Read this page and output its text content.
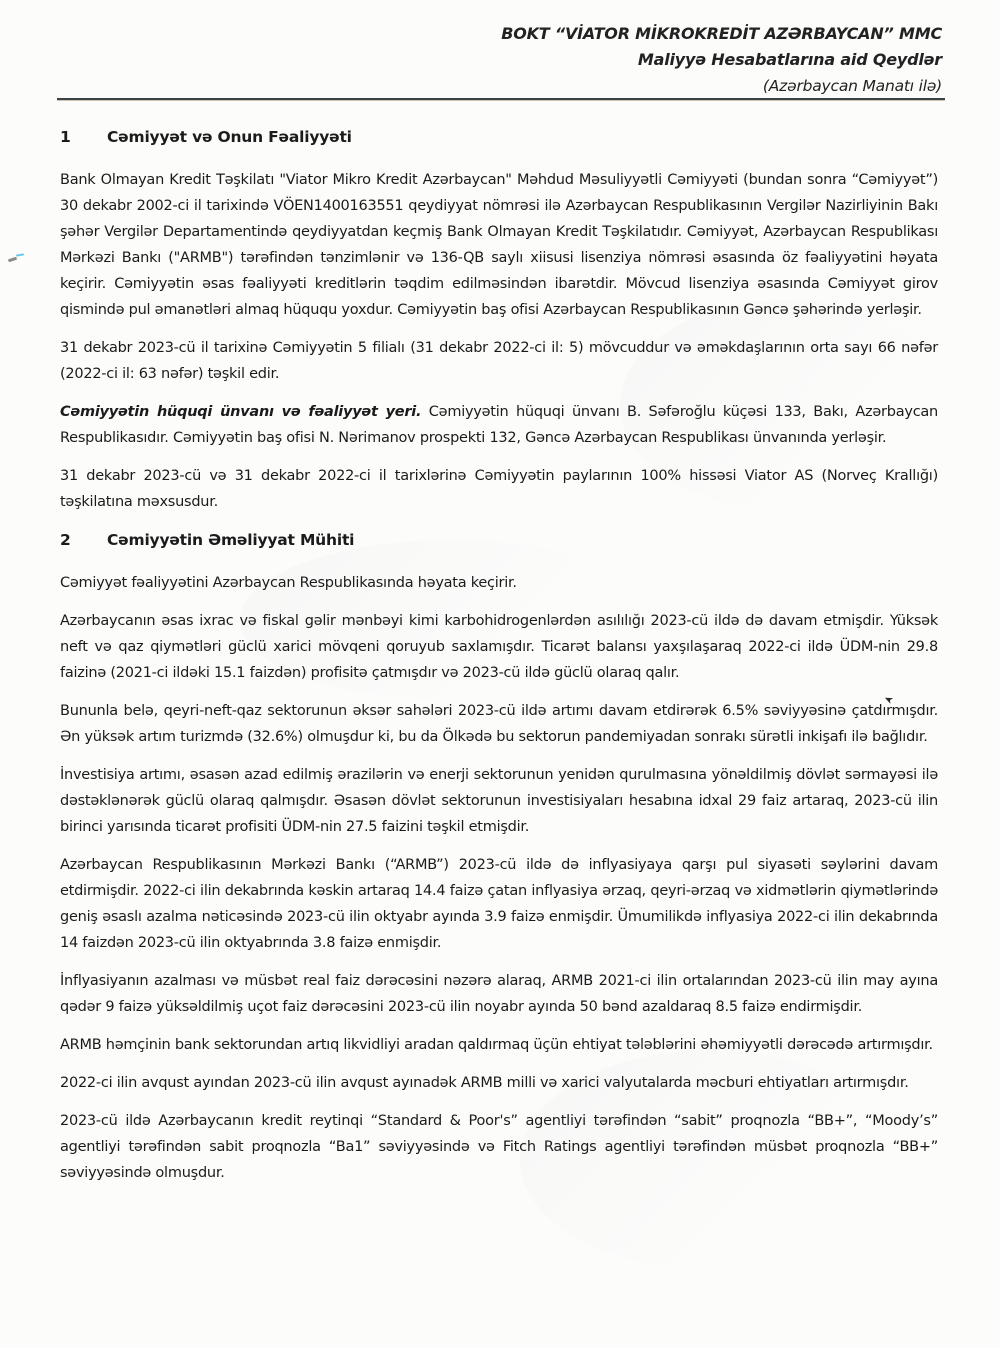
BOKT “VİATOR MİKROKREDİT AZƏRBAYCAN” MMC
Maliyyə Hesabatlarına aid Qeydlər
(Azərbaycan Manatı ilə)
1 Cəmiyyət və Onun Fəaliyyəti

Bank Olmayan Kredit Təşkilatı "Viator Mikro Kredit Azərbaycan" Məhdud Məsuliyyətli Cəmiyyəti (bundan sonra “Cəmiyyət”) 30 dekabr 2002-ci il tarixində VÖEN1400163551 qeydiyyat nömrəsi ilə Azərbaycan Respublikasının Vergilər Nazirliyinin Bakı şəhər Vergilər Departamentində qeydiyyatdan keçmiş Bank Olmayan Kredit Təşkilatıdır. Cəmiyyət, Azərbaycan Respublikası Mərkəzi Bankı ("ARMB") tərəfindən tənzimlənir və 136-QB saylı xiisusi lisenziya nömrəsi əsasında öz fəaliyyətini həyata keçirir. Cəmiyyətin əsas fəaliyyəti kreditlərin təqdim edilməsindən ibarətdir. Mövcud lisenziya əsasında Cəmiyyət girov qismində pul əmanətləri almaq hüququ yoxdur. Cəmiyyətin baş ofisi Azərbaycan Respublikasının Gəncə şəhərində yerləşir.

31 dekabr 2023-cü il tarixinə Cəmiyyətin 5 filialı (31 dekabr 2022-ci il: 5) mövcuddur və əməkdaşlarının orta sayı 66 nəfər (2022-ci il: 63 nəfər) təşkil edir.

Cəmiyyətin hüquqi ünvanı və fəaliyyət yeri. Cəmiyyətin hüquqi ünvanı B. Səfəroğlu küçəsi 133, Bakı, Azərbaycan Respublikasıdır. Cəmiyyətin baş ofisi N. Nərimanov prospekti 132, Gəncə Azərbaycan Respublikası ünvanında yerləşir.

31 dekabr 2023-cü və 31 dekabr 2022-ci il tarixlərinə Cəmiyyətin paylarının 100% hissəsi Viator AS (Norveç Krallığı) təşkilatına məxsusdur.

2 Cəmiyyətin Əməliyyat Mühiti

Cəmiyyət fəaliyyətini Azərbaycan Respublikasında həyata keçirir.

Azərbaycanın əsas ixrac və fiskal gəlir mənbəyi kimi karbohidrogenlərdən asılılığı 2023-cü ildə də davam etmişdir. Yüksək neft və qaz qiymətləri güclü xarici mövqeni qoruyub saxlamışdır. Ticarət balansı yaxşılaşaraq 2022-ci ildə ÜDM-nin 29.8 faizinə (2021-ci ildəki 15.1 faizdən) profisitə çatmışdır və 2023-cü ildə güclü olaraq qalır.

Bununla belə, qeyri-neft-qaz sektorunun əksər sahələri 2023-cü ildə artımı davam etdirərək 6.5% səviyyəsinə çatdırmışdır. Ən yüksək artım turizmdə (32.6%) olmuşdur ki, bu da Ölkədə bu sektorun pandemiyadan sonrakı sürətli inkişafı ilə bağlıdır.

İnvestisiya artımı, əsasən azad edilmiş ərazilərin və enerji sektorunun yenidən qurulmasına yönəldilmiş dövlət sərmayəsi ilə dəstəklənərək güclü olaraq qalmışdır. Əsasən dövlət sektorunun investisiyaları hesabına idxal 29 faiz artaraq, 2023-cü ilin birinci yarısında ticarət profisiti ÜDM-nin 27.5 faizini təşkil etmişdir.

Azərbaycan Respublikasının Mərkəzi Bankı (“ARMB”) 2023-cü ildə də inflyasiyaya qarşı pul siyasəti səylərini davam etdirmişdir. 2022-ci ilin dekabrında kəskin artaraq 14.4 faizə çatan inflyasiya ərzaq, qeyri-ərzaq və xidmətlərin qiymətlərində geniş əsaslı azalma nəticəsində 2023-cü ilin oktyabr ayında 3.9 faizə enmişdir. Ümumilikdə inflyasiya 2022-ci ilin dekabrında 14 faizdən 2023-cü ilin oktyabrında 3.8 faizə enmişdir.

İnflyasiyanın azalması və müsbət real faiz dərəcəsini nəzərə alaraq, ARMB 2021-ci ilin ortalarından 2023-cü ilin may ayına qədər 9 faizə yüksəldilmiş uçot faiz dərəcəsini 2023-cü ilin noyabr ayında 50 bənd azaldaraq 8.5 faizə endirmişdir.

ARMB həmçinin bank sektorundan artıq likvidliyi aradan qaldırmaq üçün ehtiyat tələblərini əhəmiyyətli dərəcədə artırmışdır.

2022-ci ilin avqust ayından 2023-cü ilin avqust ayınadək ARMB milli və xarici valyutalarda məcburi ehtiyatları artırmışdır.

2023-cü ildə Azərbaycanın kredit reytinqi “Standard & Poor's” agentliyi tərəfindən “sabit” proqnozla “BB+”, “Moody’s” agentliyi tərəfindən sabit proqnozla “Ba1” səviyyəsində və Fitch Ratings agentliyi tərəfindən müsbət proqnozla “BB+” səviyyəsində olmuşdur.

➤
